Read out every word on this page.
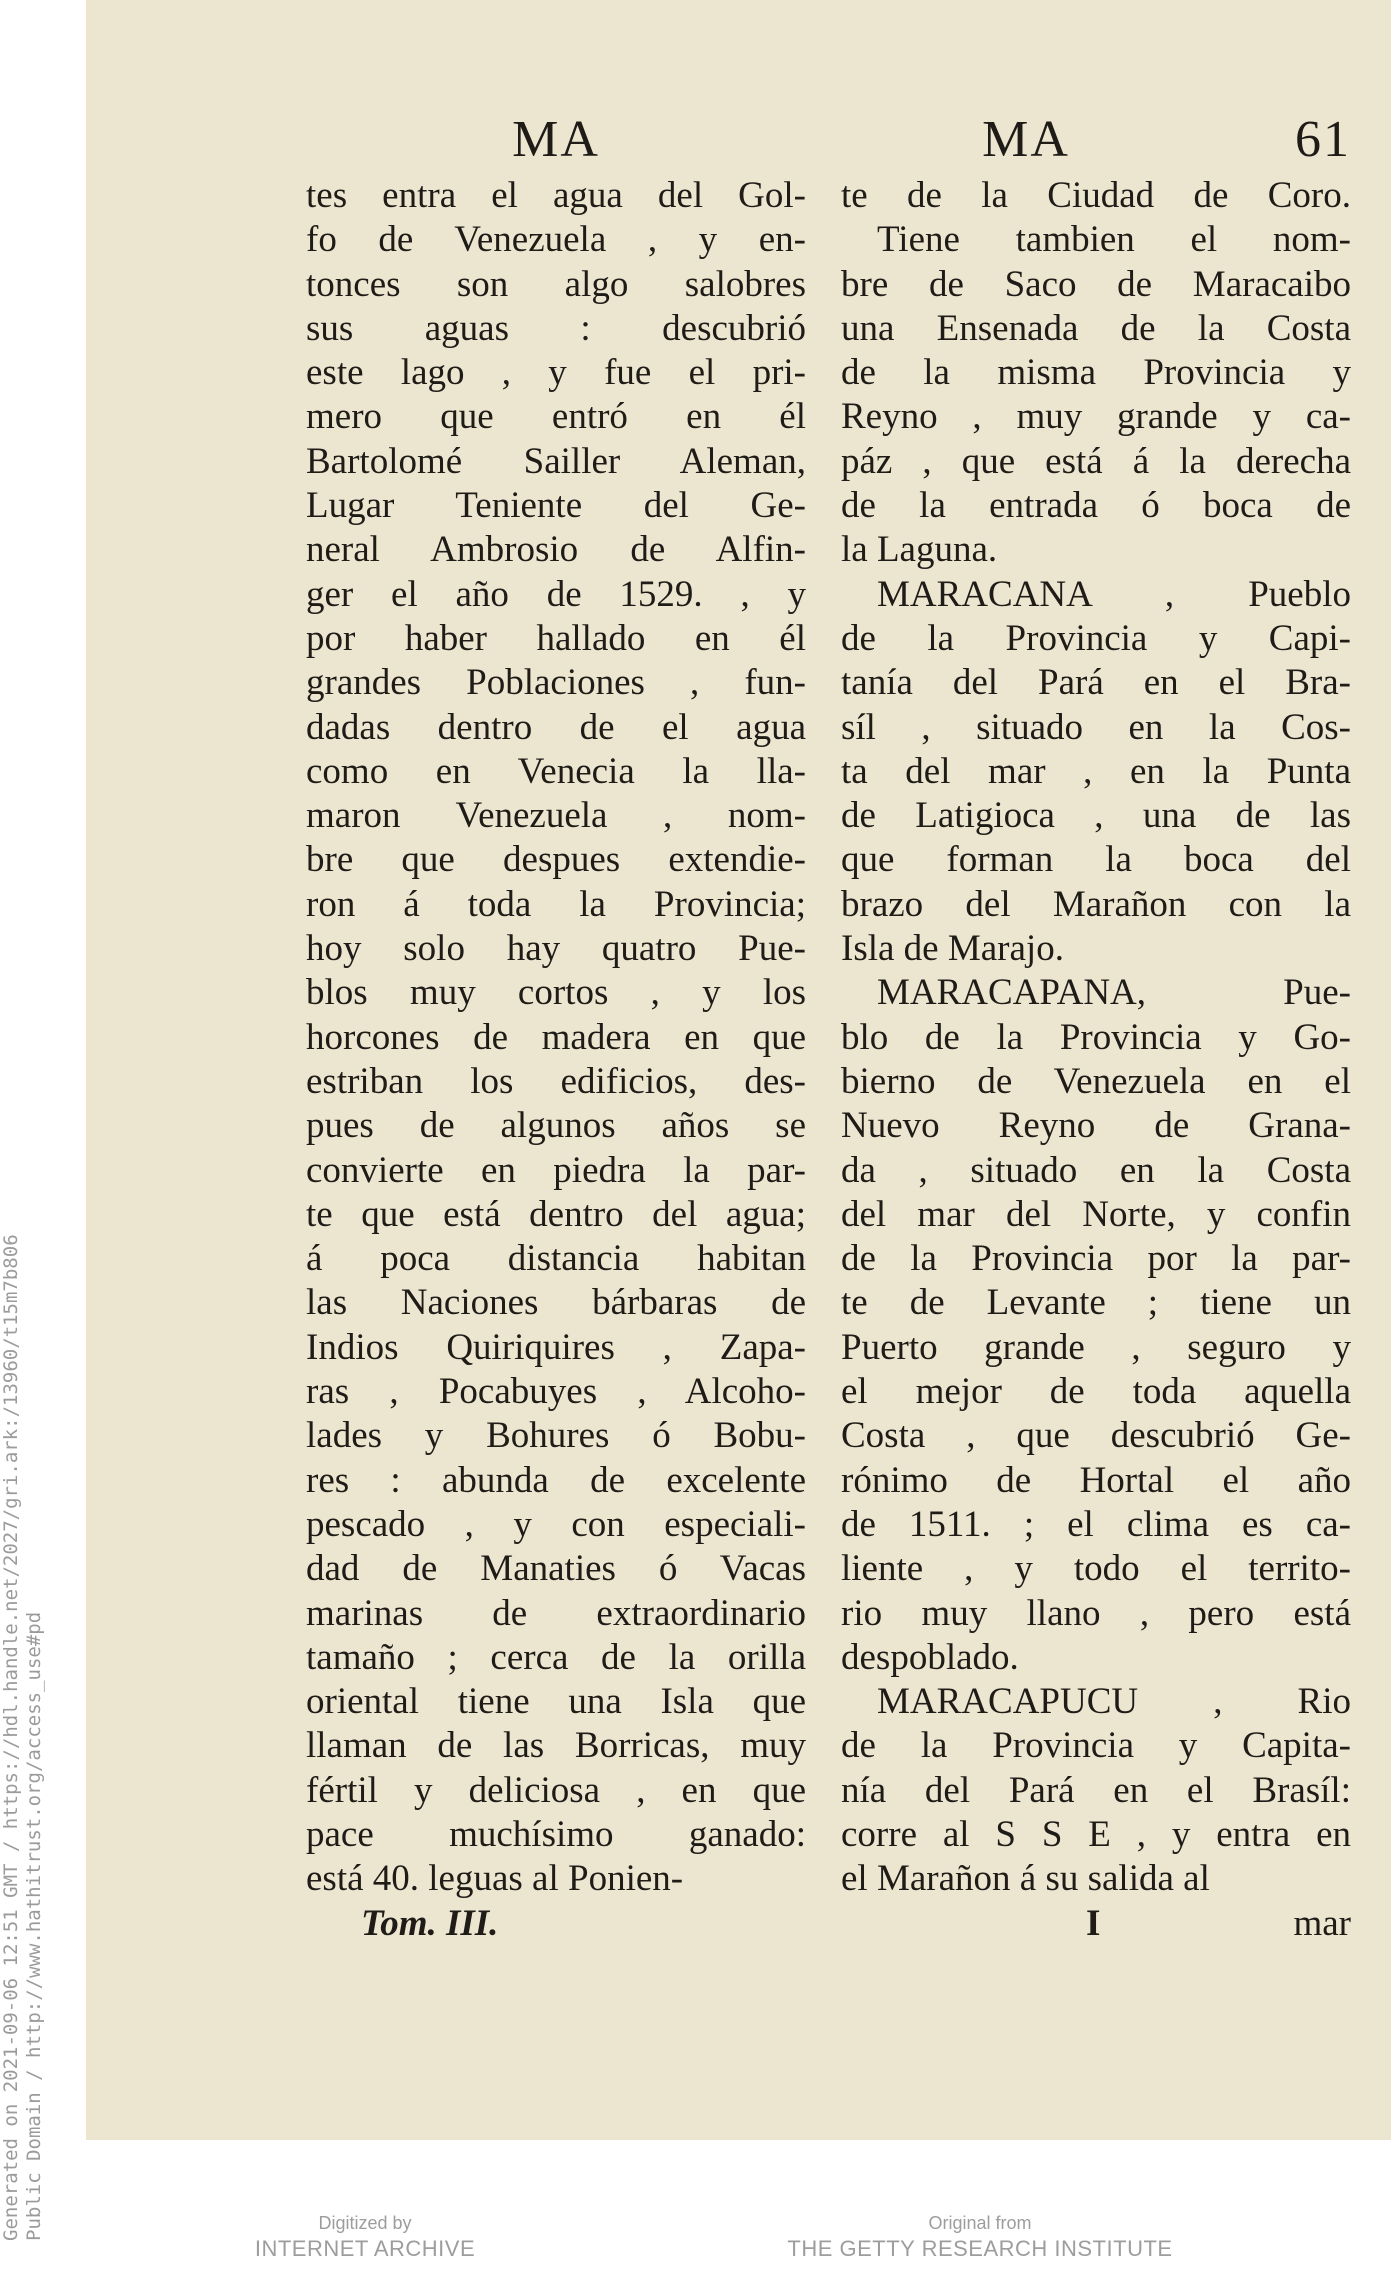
Generated on 2021-09-06 12:51 GMT / https://hdl.handle.net/2027/gri.ark:/13960/t15m7b806 Public Domain / http://www.hathitrust.org/access_use#pd
MA
tes entra el agua del Gol-
fo de Venezuela , y en-
tonces son algo salobres
sus aguas : descubrió
este lago , y fue el pri-
mero que entró en él
Bartolomé Sailler Aleman,
Lugar Teniente del Ge-
neral Ambrosio de Alfin-
ger el año de 1529. , y
por haber hallado en él
grandes Poblaciones , fun-
dadas dentro de el agua
como en Venecia la lla-
maron Venezuela , nom-
bre que despues extendie-
ron á toda la Provincia;
hoy solo hay quatro Pue-
blos muy cortos , y los
horcones de madera en que
estriban los edificios, des-
pues de algunos años se
convierte en piedra la par-
te que está dentro del agua;
á poca distancia habitan
las Naciones bárbaras de
Indios Quiriquires , Zapa-
ras , Pocabuyes , Alcoho-
lades y Bohures ó Bobu-
res : abunda de excelente
pescado , y con especiali-
dad de Manaties ó Vacas
marinas de extraordinario
tamaño ; cerca de la orilla
oriental tiene una Isla que
llaman de las Borricas, muy
fértil y deliciosa , en que
pace muchísimo ganado:
está 40. leguas al Ponien-
Tom. III.
MA	61
te de la Ciudad de Coro.
Tiene tambien el nom-
bre de Saco de Maracaibo
una Ensenada de la Costa
de la misma Provincia y
Reyno , muy grande y ca-
páz , que está á la derecha
de la entrada ó boca de
la Laguna.
MARACANA , Pueblo
de la Provincia y Capi-
tanía del Pará en el Bra-
síl , situado en la Cos-
ta del mar , en la Punta
de Latigioca , una de las
que forman la boca del
brazo del Marañon con la
Isla de Marajo.
MARACAPANA, Pue-
blo de la Provincia y Go-
bierno de Venezuela en el
Nuevo Reyno de Grana-
da , situado en la Costa
del mar del Norte, y confin
de la Provincia por la par-
te de Levante ; tiene un
Puerto grande , seguro y
el mejor de toda aquella
Costa , que descubrió Ge-
rónimo de Hortal el año
de 1511. ; el clima es ca-
liente , y todo el territo-
rio muy llano , pero está
despoblado.
MARACAPUCU , Rio
de la Provincia y Capita-
nía del Pará en el Brasíl:
corre al S S E , y entra en
el Marañon á su salida al
I	mar
Digitized by
INTERNET ARCHIVE
Original from
THE GETTY RESEARCH INSTITUTE
